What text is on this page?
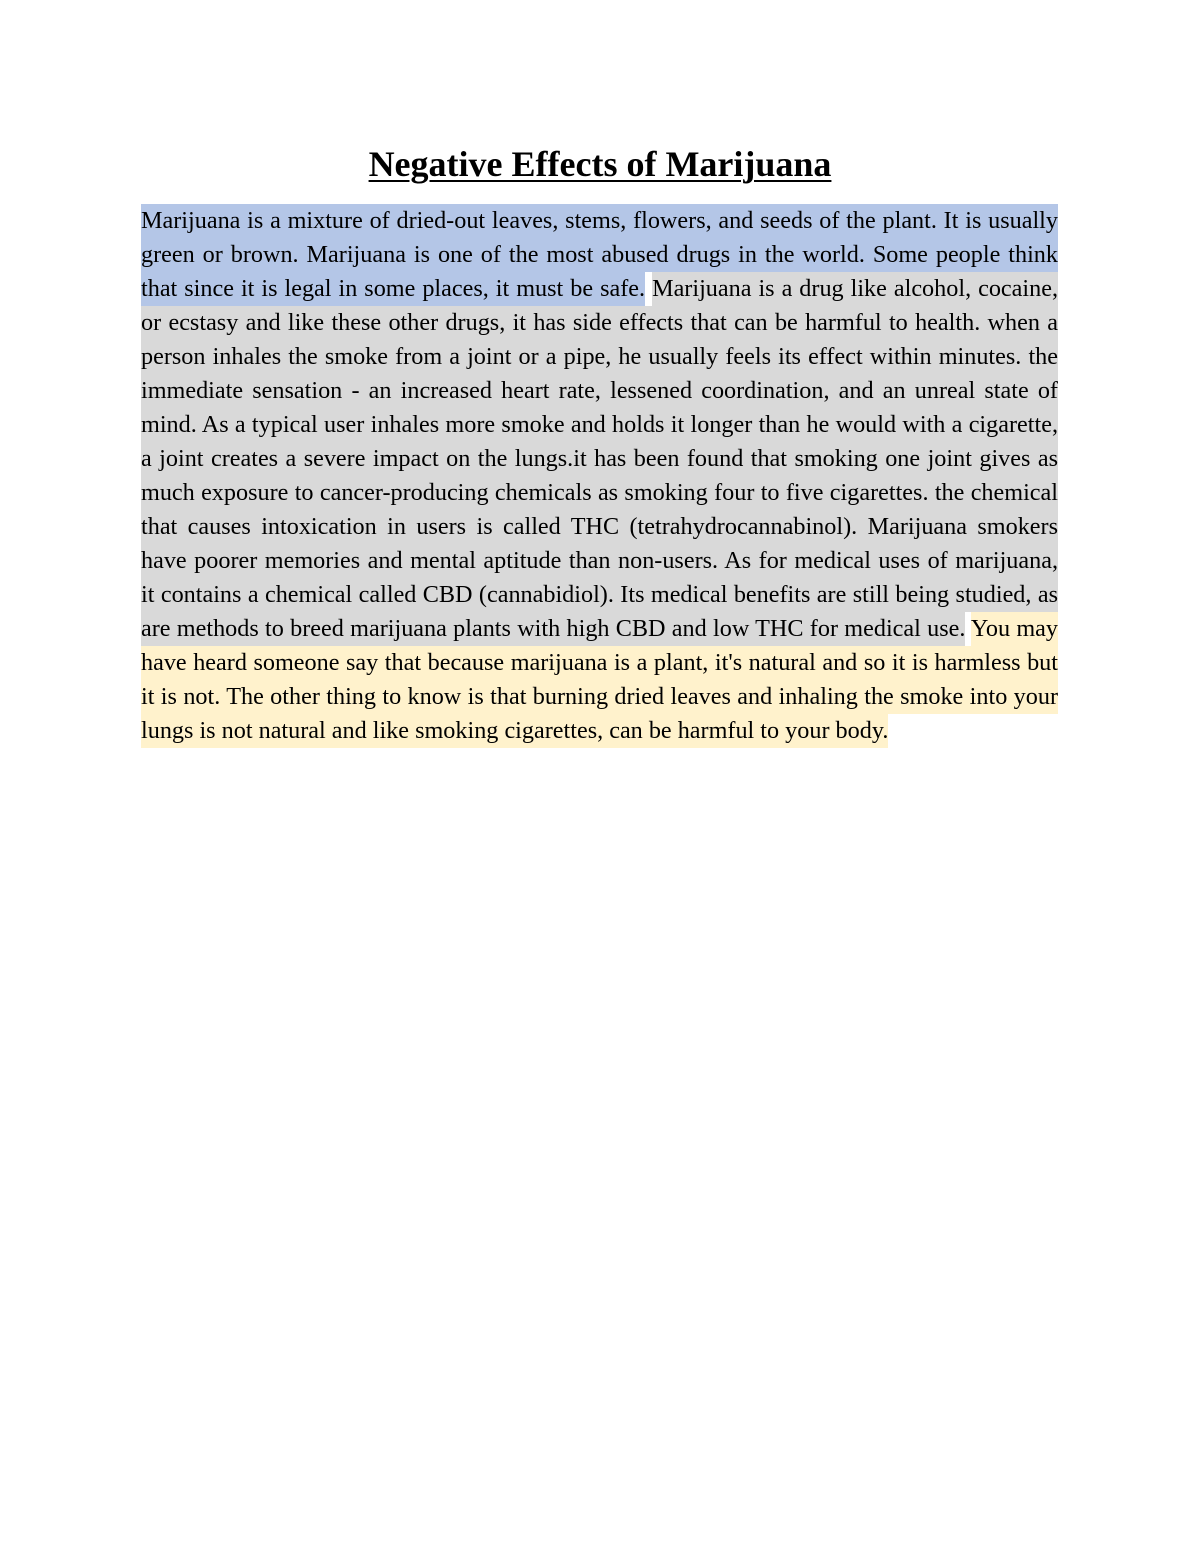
Negative Effects of Marijuana

Marijuana is a mixture of dried-out leaves, stems, flowers, and seeds of the plant. It is usually green or brown. Marijuana is one of the most abused drugs in the world. Some people think that since it is legal in some places, it must be safe. Marijuana is a drug like alcohol, cocaine, or ecstasy and like these other drugs, it has side effects that can be harmful to health. when a person inhales the smoke from a joint or a pipe, he usually feels its effect within minutes. the immediate sensation - an increased heart rate, lessened coordination, and an unreal state of mind. As a typical user inhales more smoke and holds it longer than he would with a cigarette, a joint creates a severe impact on the lungs.it has been found that smoking one joint gives as much exposure to cancer-producing chemicals as smoking four to five cigarettes. the chemical that causes intoxication in users is called THC (tetrahydrocannabinol). Marijuana smokers have poorer memories and mental aptitude than non-users. As for medical uses of marijuana, it contains a chemical called CBD (cannabidiol). Its medical benefits are still being studied, as are methods to breed marijuana plants with high CBD and low THC for medical use. You may have heard someone say that because marijuana is a plant, it's natural and so it is harmless but it is not. The other thing to know is that burning dried leaves and inhaling the smoke into your lungs is not natural and like smoking cigarettes, can be harmful to your body.
